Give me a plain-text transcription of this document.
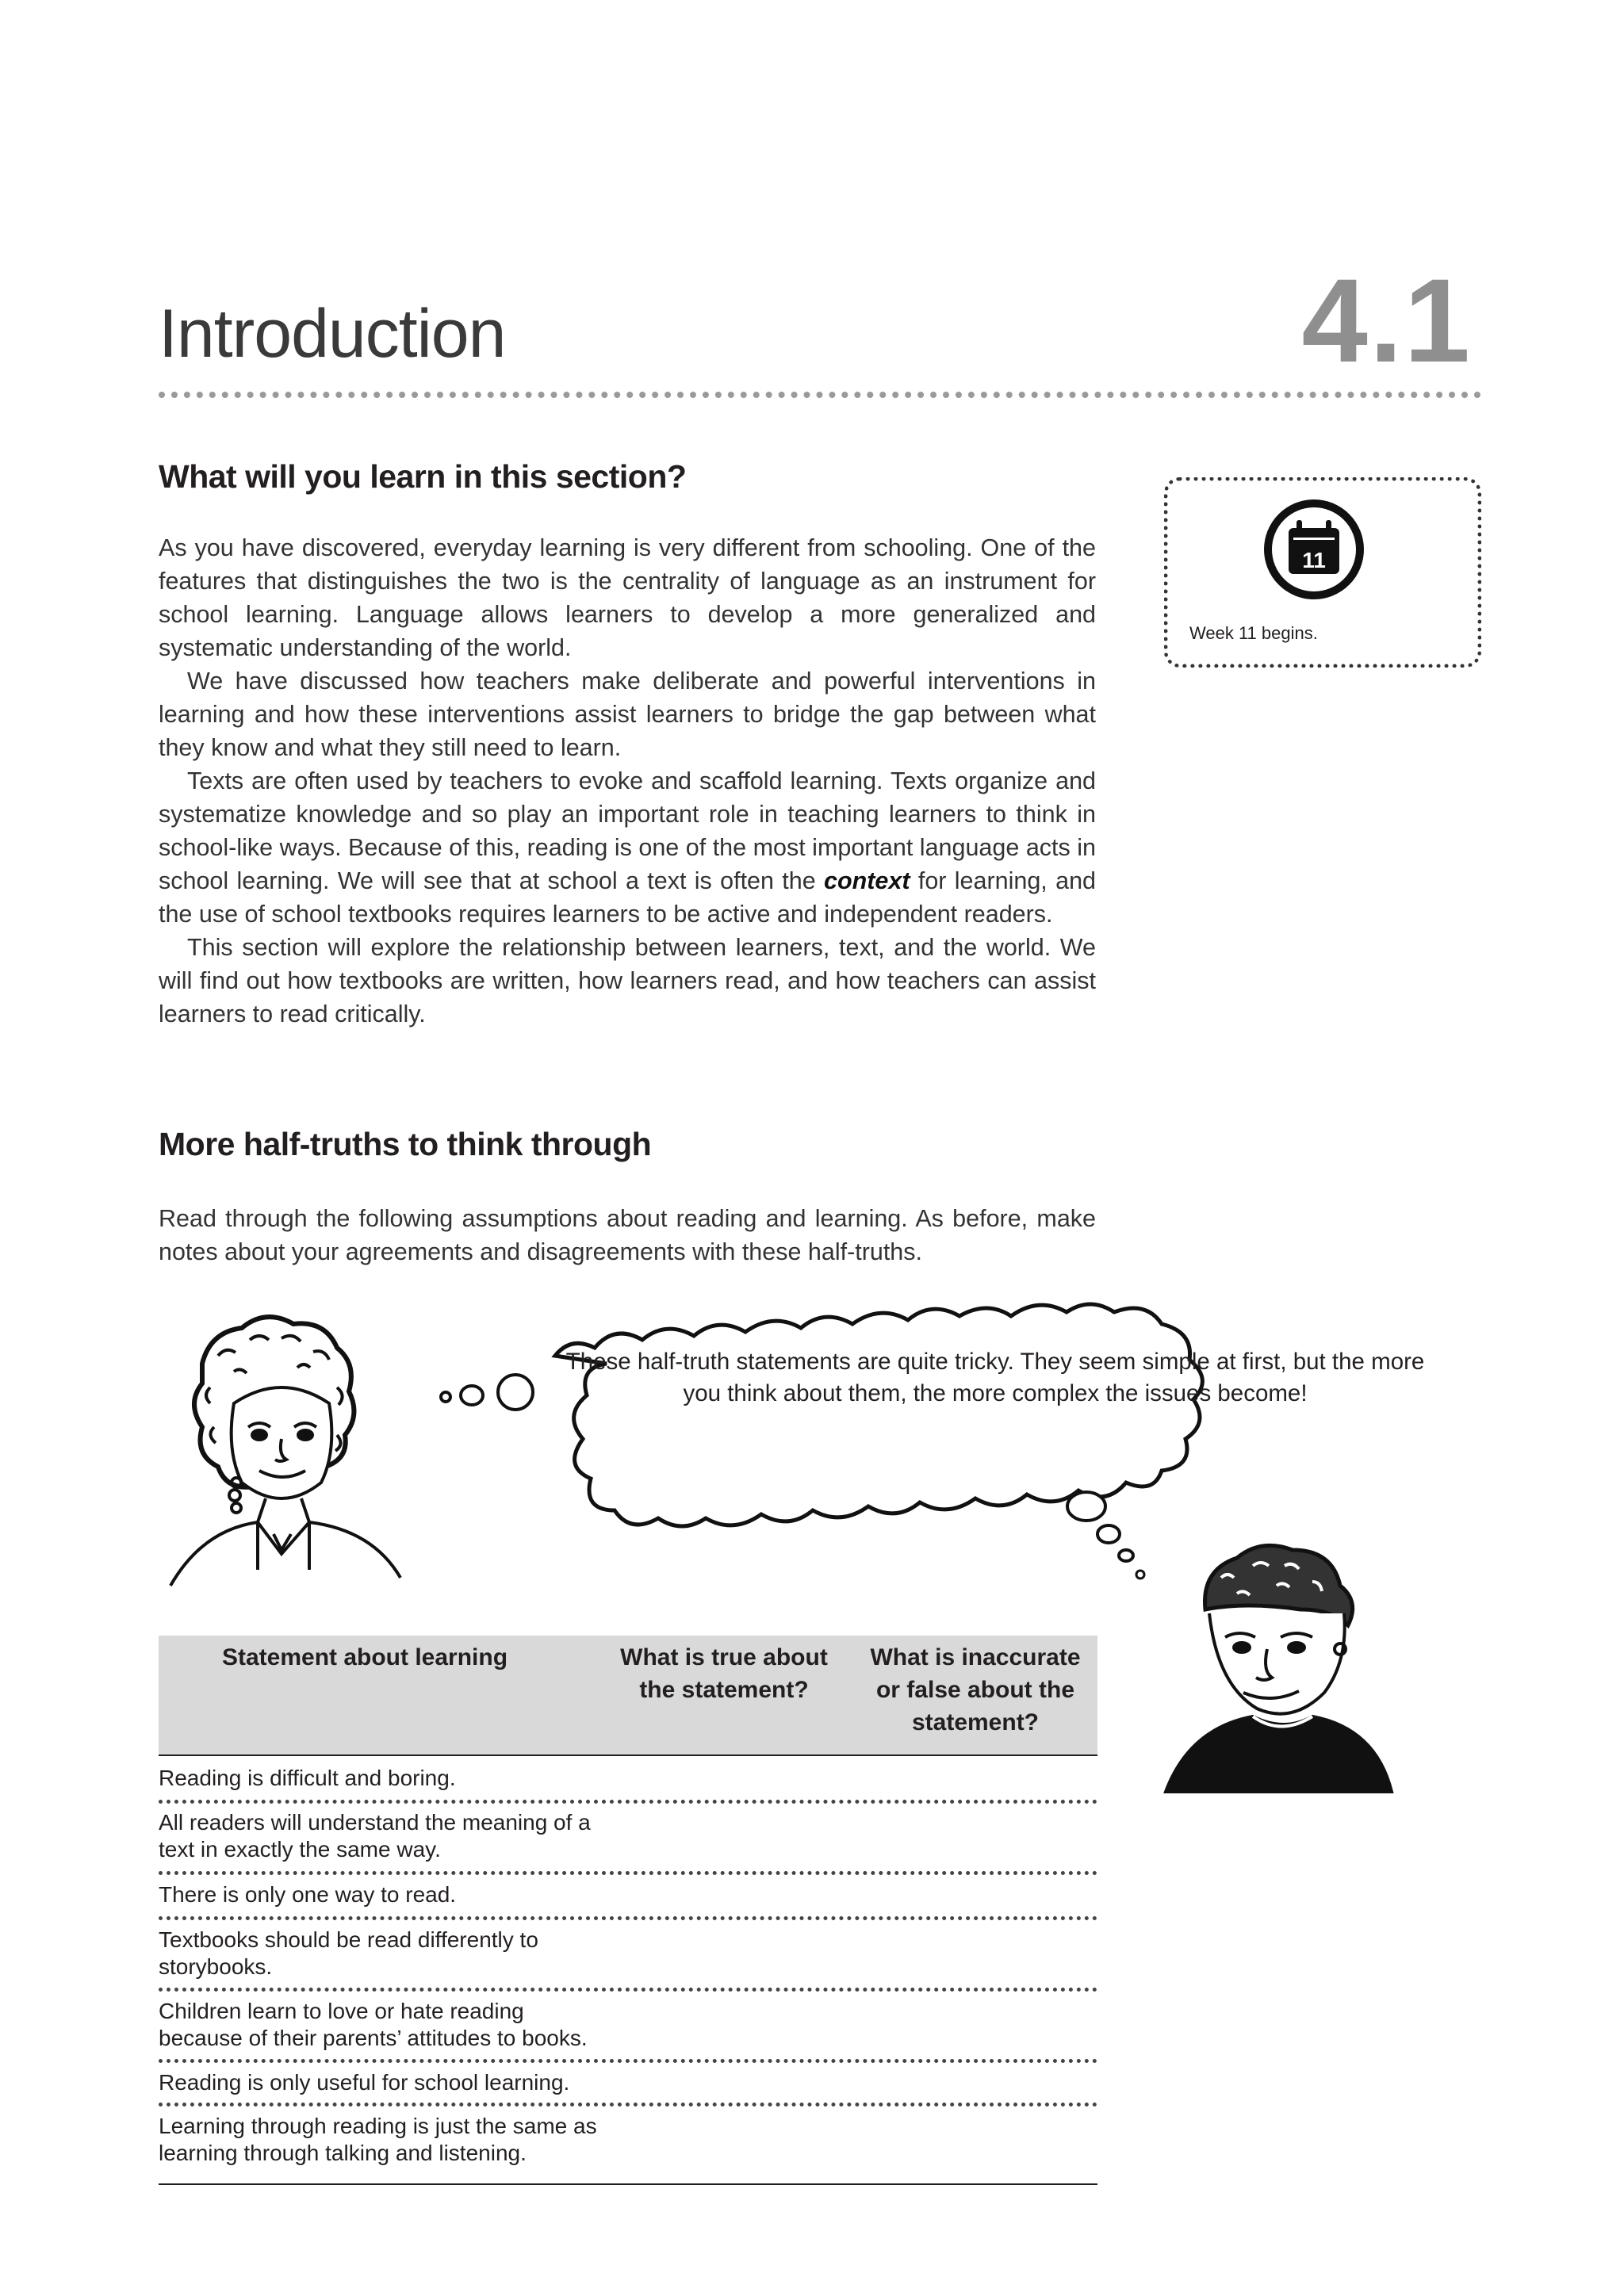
Introduction	4.1
What will you learn in this section?

As you have discovered, everyday learning is very different from schooling. One of the features that distinguishes the two is the centrality of language as an instrument for school learning. Language allows learners to develop a more generalized and systematic understanding of the world.

We have discussed how teachers make deliberate and powerful interventions in learning and how these interventions assist learners to bridge the gap between what they know and what they still need to learn.

Texts are often used by teachers to evoke and scaffold learning. Texts organize and systematize knowledge and so play an important role in teaching learners to think in school-like ways. Because of this, reading is one of the most important language acts in school learning. We will see that at school a text is often the context for learning, and the use of school textbooks requires learners to be active and independent readers.

This section will explore the relationship between learners, text, and the world. We will find out how textbooks are written, how learners read, and how teachers can assist learners to read critically.

11
Week 11 begins.
More half-truths to think through
Read through the following assumptions about reading and learning. As before, make notes about your agreements and disagreements with these half-truths.
These half-truth statements are quite tricky. They seem simple at first, but the more you think about them, the more complex the issues become!
Statement about learning	What is true about the statement?
What is inaccurate or false about the statement?
Reading is difficult and boring.
All readers will understand the meaning of a text in exactly the same way.
There is only one way to read.
Textbooks should be read differently to storybooks.
Children learn to love or hate reading because of their parents’ attitudes to books.
Reading is only useful for school learning.
Learning through reading is just the same as learning through talking and listening.
